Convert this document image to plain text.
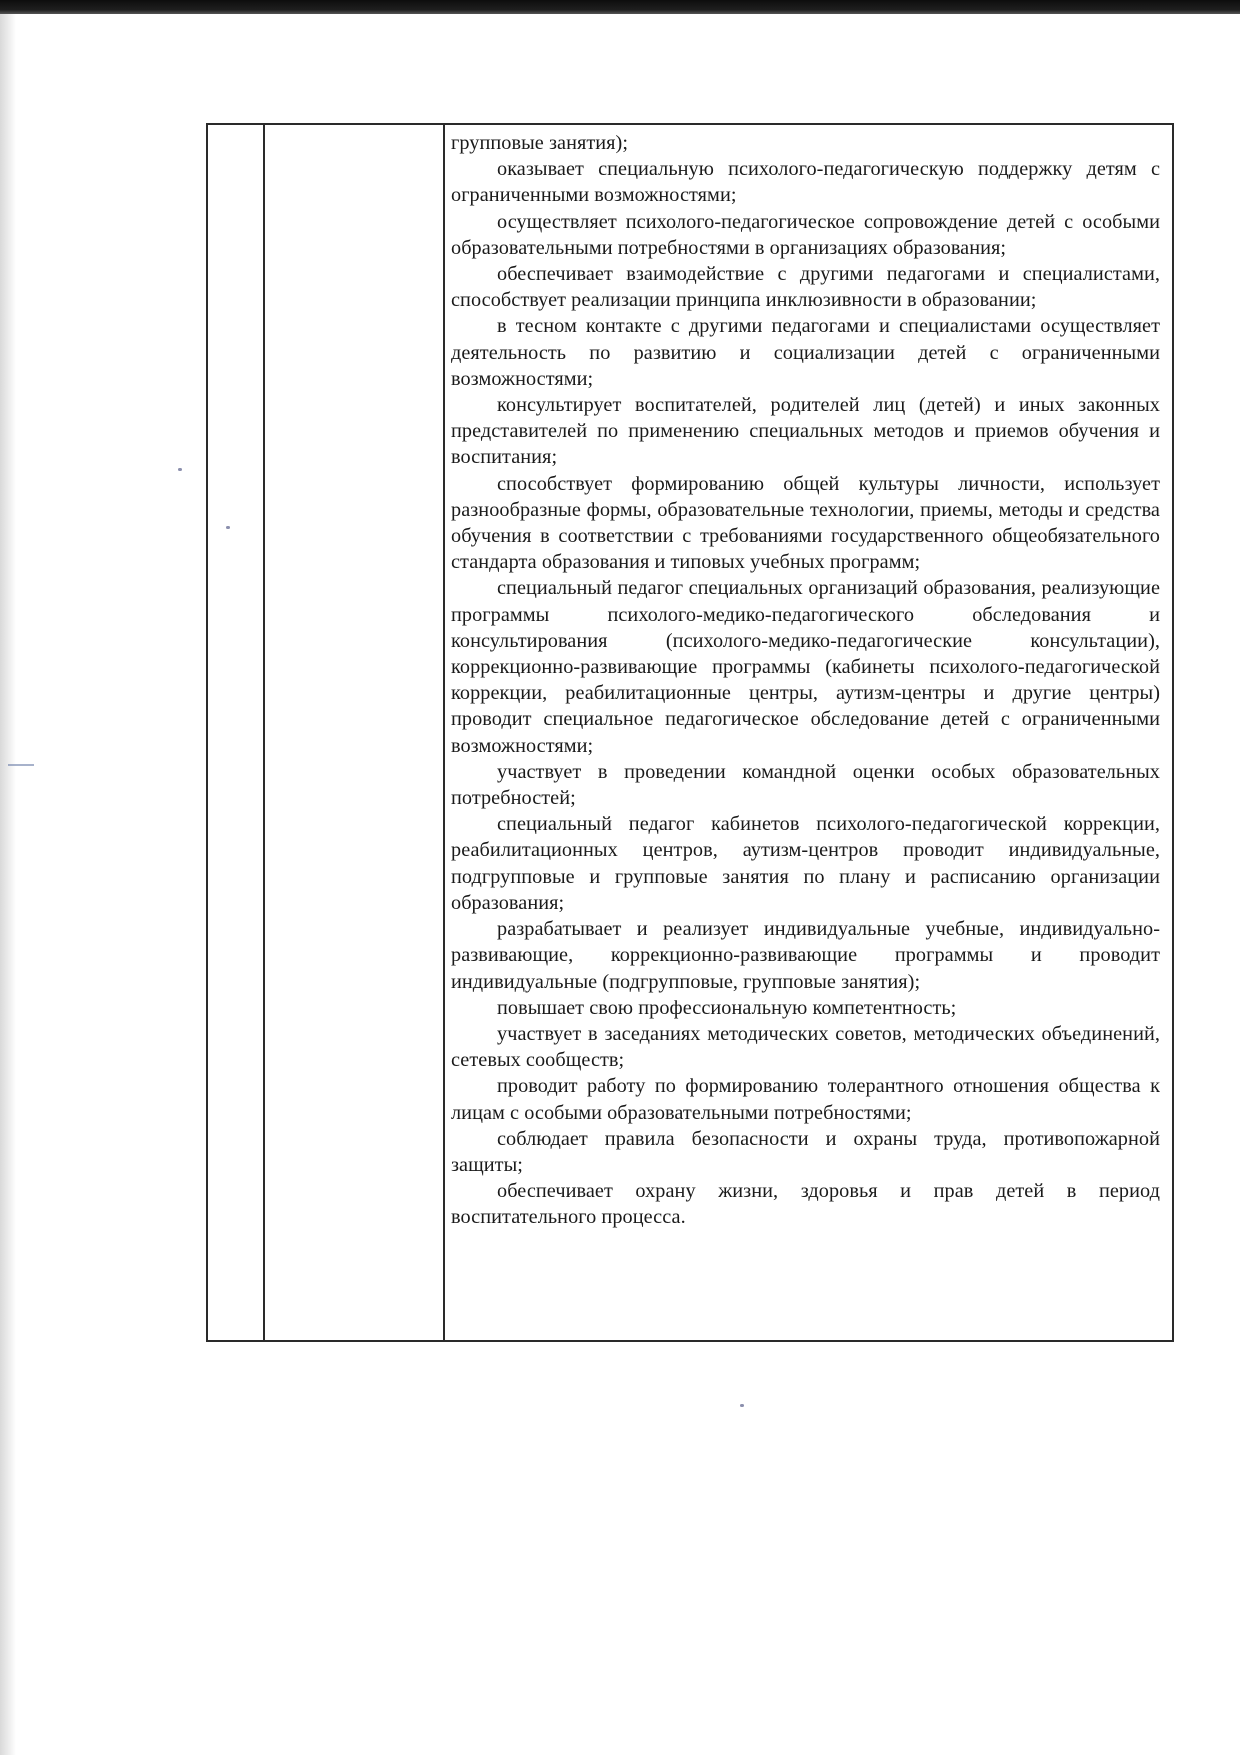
групповые занятия);

оказывает специальную психолого-педагогическую поддержку детям с ограниченными возможностями;

осуществляет психолого-педагогическое сопровождение детей с особыми образовательными потребностями в организациях образования;

обеспечивает взаимодействие с другими педагогами и специалистами, способствует реализации принципа инклюзивности в образовании;

в тесном контакте с другими педагогами и специалистами осуществляет деятельность по развитию и социализации детей с ограниченными возможностями;

консультирует воспитателей, родителей лиц (детей) и иных законных представителей по применению специальных методов и приемов обучения и воспитания;

способствует формированию общей культуры личности, использует разнообразные формы, образовательные технологии, приемы, методы и средства обучения в соответствии с требованиями государственного общеобязательного стандарта образования и типовых учебных программ;

специальный педагог специальных организаций образования, реализующие программы психолого-медико-педагогического обследования и консультирования (психолого-медико-педагогические консультации), коррекционно-развивающие программы (кабинеты психолого-педагогической коррекции, реабилитационные центры, аутизм-центры и другие центры) проводит специальное педагогическое обследование детей с ограниченными возможностями;

участвует в проведении командной оценки особых образовательных потребностей;

специальный педагог кабинетов психолого-педагогической коррекции, реабилитационных центров, аутизм-центров проводит индивидуальные, подгрупповые и групповые занятия по плану и расписанию организации образования;

разрабатывает и реализует индивидуальные учебные, индивидуально-развивающие, коррекционно-развивающие программы и проводит индивидуальные (подгрупповые, групповые занятия);

повышает свою профессиональную компетентность;

участвует в заседаниях методических советов, методических объединений, сетевых сообществ;

проводит работу по формированию толерантного отношения общества к лицам с особыми образовательными потребностями;

соблюдает правила безопасности и охраны труда, противопожарной защиты;

обеспечивает охрану жизни, здоровья и прав детей в период воспитательного процесса.
